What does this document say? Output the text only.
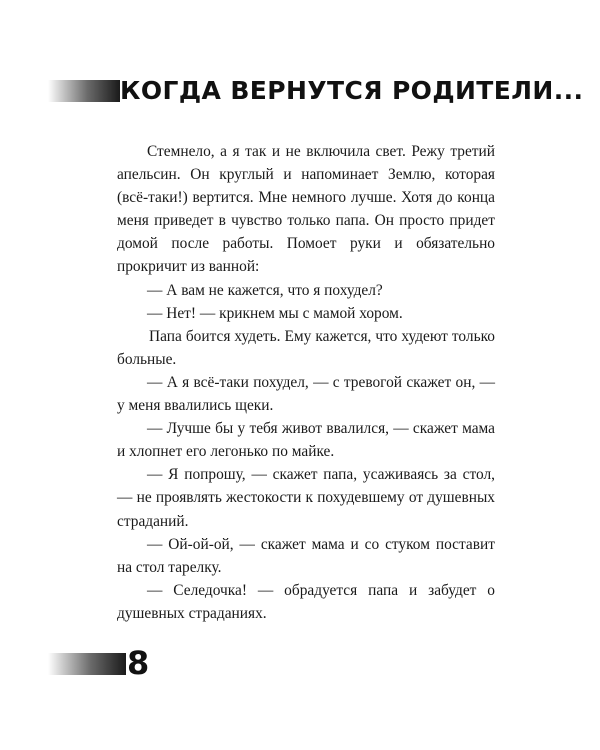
КОГДА ВЕРНУТСЯ РОДИТЕЛИ...

Стемнело, а я так и не включила свет. Режу третий апельсин. Он круглый и напоминает Землю, которая (всё-таки!) вертится. Мне немного лучше. Хотя до конца меня приведет в чувство только папа. Он просто придет домой после работы. Помоет руки и обязательно прокричит из ванной:

— А вам не кажется, что я похудел?

— Нет! — крикнем мы с мамой хором.

Папа боится худеть. Ему кажется, что худеют только больные.

— А я всё-таки похудел, — с тревогой скажет он, — у меня ввалились щеки.

— Лучше бы у тебя живот ввалился, — скажет мама и хлопнет его легонько по майке.

— Я попрошу, — скажет папа, усаживаясь за стол, — не проявлять жестокости к похудевшему от душевных страданий.

— Ой-ой-ой, — скажет мама и со стуком поставит на стол тарелку.

— Селедочка! — обрадуется папа и забудет о душевных страданиях.

8
